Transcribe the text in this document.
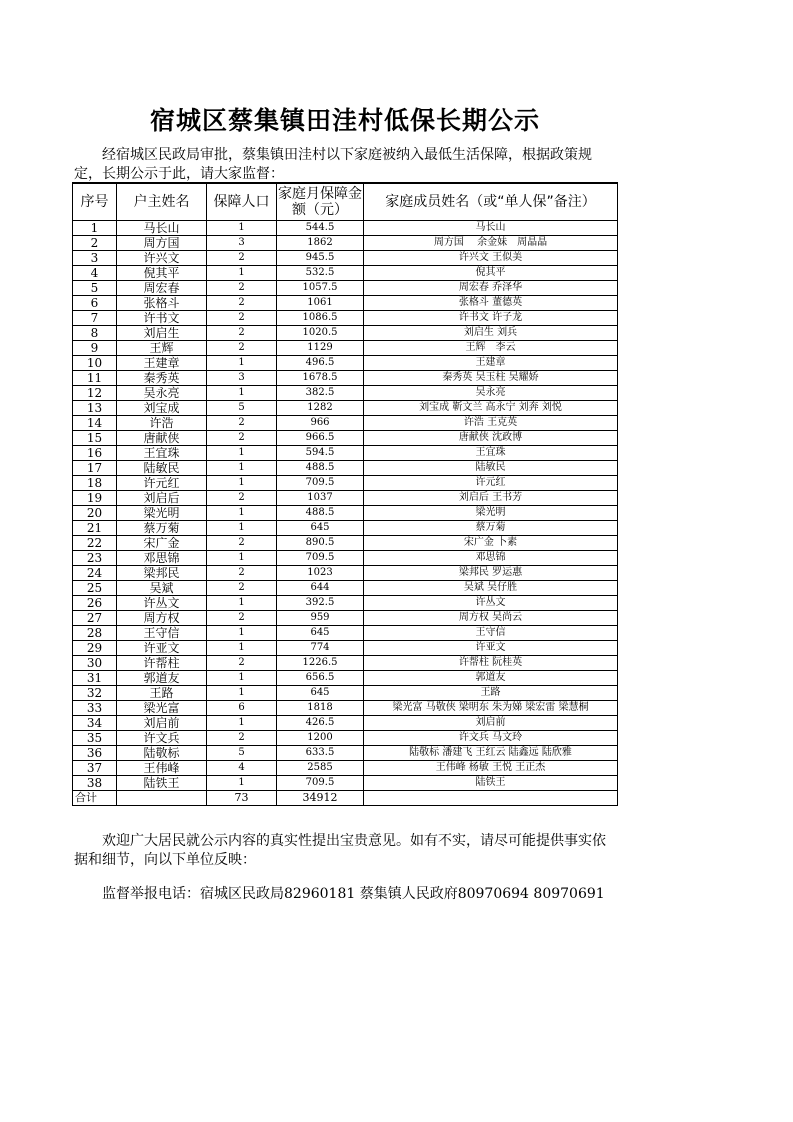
宿城区蔡集镇田洼村低保长期公示
经宿城区民政局审批，蔡集镇田洼村以下家庭被纳入最低生活保障，根据政策规定，长期公示于此，请大家监督：
序号	户主姓名	保障人口	家庭月保障金额（元）	家庭成员姓名（或“单人保”备注）
1	马长山	1	544.5	马长山
2	周方国	3	1862	周方国　 余金妹　周晶晶
3	许兴文	2	945.5	许兴文 王似美
4	倪其平	1	532.5	倪其平
5	周宏春	2	1057.5	周宏春 乔泽华
6	张格斗	2	1061	张格斗 董德英
7	许书文	2	1086.5	许书文 许子龙
8	刘启生	2	1020.5	刘启生 刘兵
9	王辉	2	1129	王辉　李云
10	王建章	1	496.5	王建章
11	秦秀英	3	1678.5	秦秀英 吴玉柱 吴耀娇
12	吴永亮	1	382.5	吴永亮
13	刘宝成	5	1282	刘宝成 靳文兰 高永宁 刘奔 刘悦
14	许浩	2	966	许浩 王克英
15	唐献侠	2	966.5	唐献侠 沈政博
16	王宜珠	1	594.5	王宜珠
17	陆敏民	1	488.5	陆敏民
18	许元红	1	709.5	许元红
19	刘启后	2	1037	刘启后 王书芳
20	梁光明	1	488.5	梁光明
21	蔡万菊	1	645	蔡万菊
22	宋广金	2	890.5	宋广金 卜素
23	邓思锦	1	709.5	邓思锦
24	梁邦民	2	1023	梁邦民 罗运惠
25	吴斌	2	644	吴斌 吴仔胜
26	许丛文	1	392.5	许丛文
27	周方权	2	959	周方权 吴尚云
28	王守信	1	645	王守信
29	许亚文	1	774	许亚文
30	许帮柱	2	1226.5	许帮柱 阮桂英
31	郭道友	1	656.5	郭道友
32	王路	1	645	王路
33	梁光富	6	1818	梁光富 马敬侠 梁明东 朱为娣 梁宏雷 梁慧桐
34	刘启前	1	426.5	刘启前
35	许文兵	2	1200	许文兵 马文玲
36	陆敬标	5	633.5	陆敬标 潘建飞 王红云 陆鑫远 陆欣雅
37	王伟峰	4	2585	王伟峰 杨敏 王悦 王正杰
38	陆铁王	1	709.5	陆铁王
合计		73	34912	
欢迎广大居民就公示内容的真实性提出宝贵意见。如有不实，请尽可能提供事实依据和细节，向以下单位反映：
监督举报电话：宿城区民政局82960181 蔡集镇人民政府80970694 80970691
